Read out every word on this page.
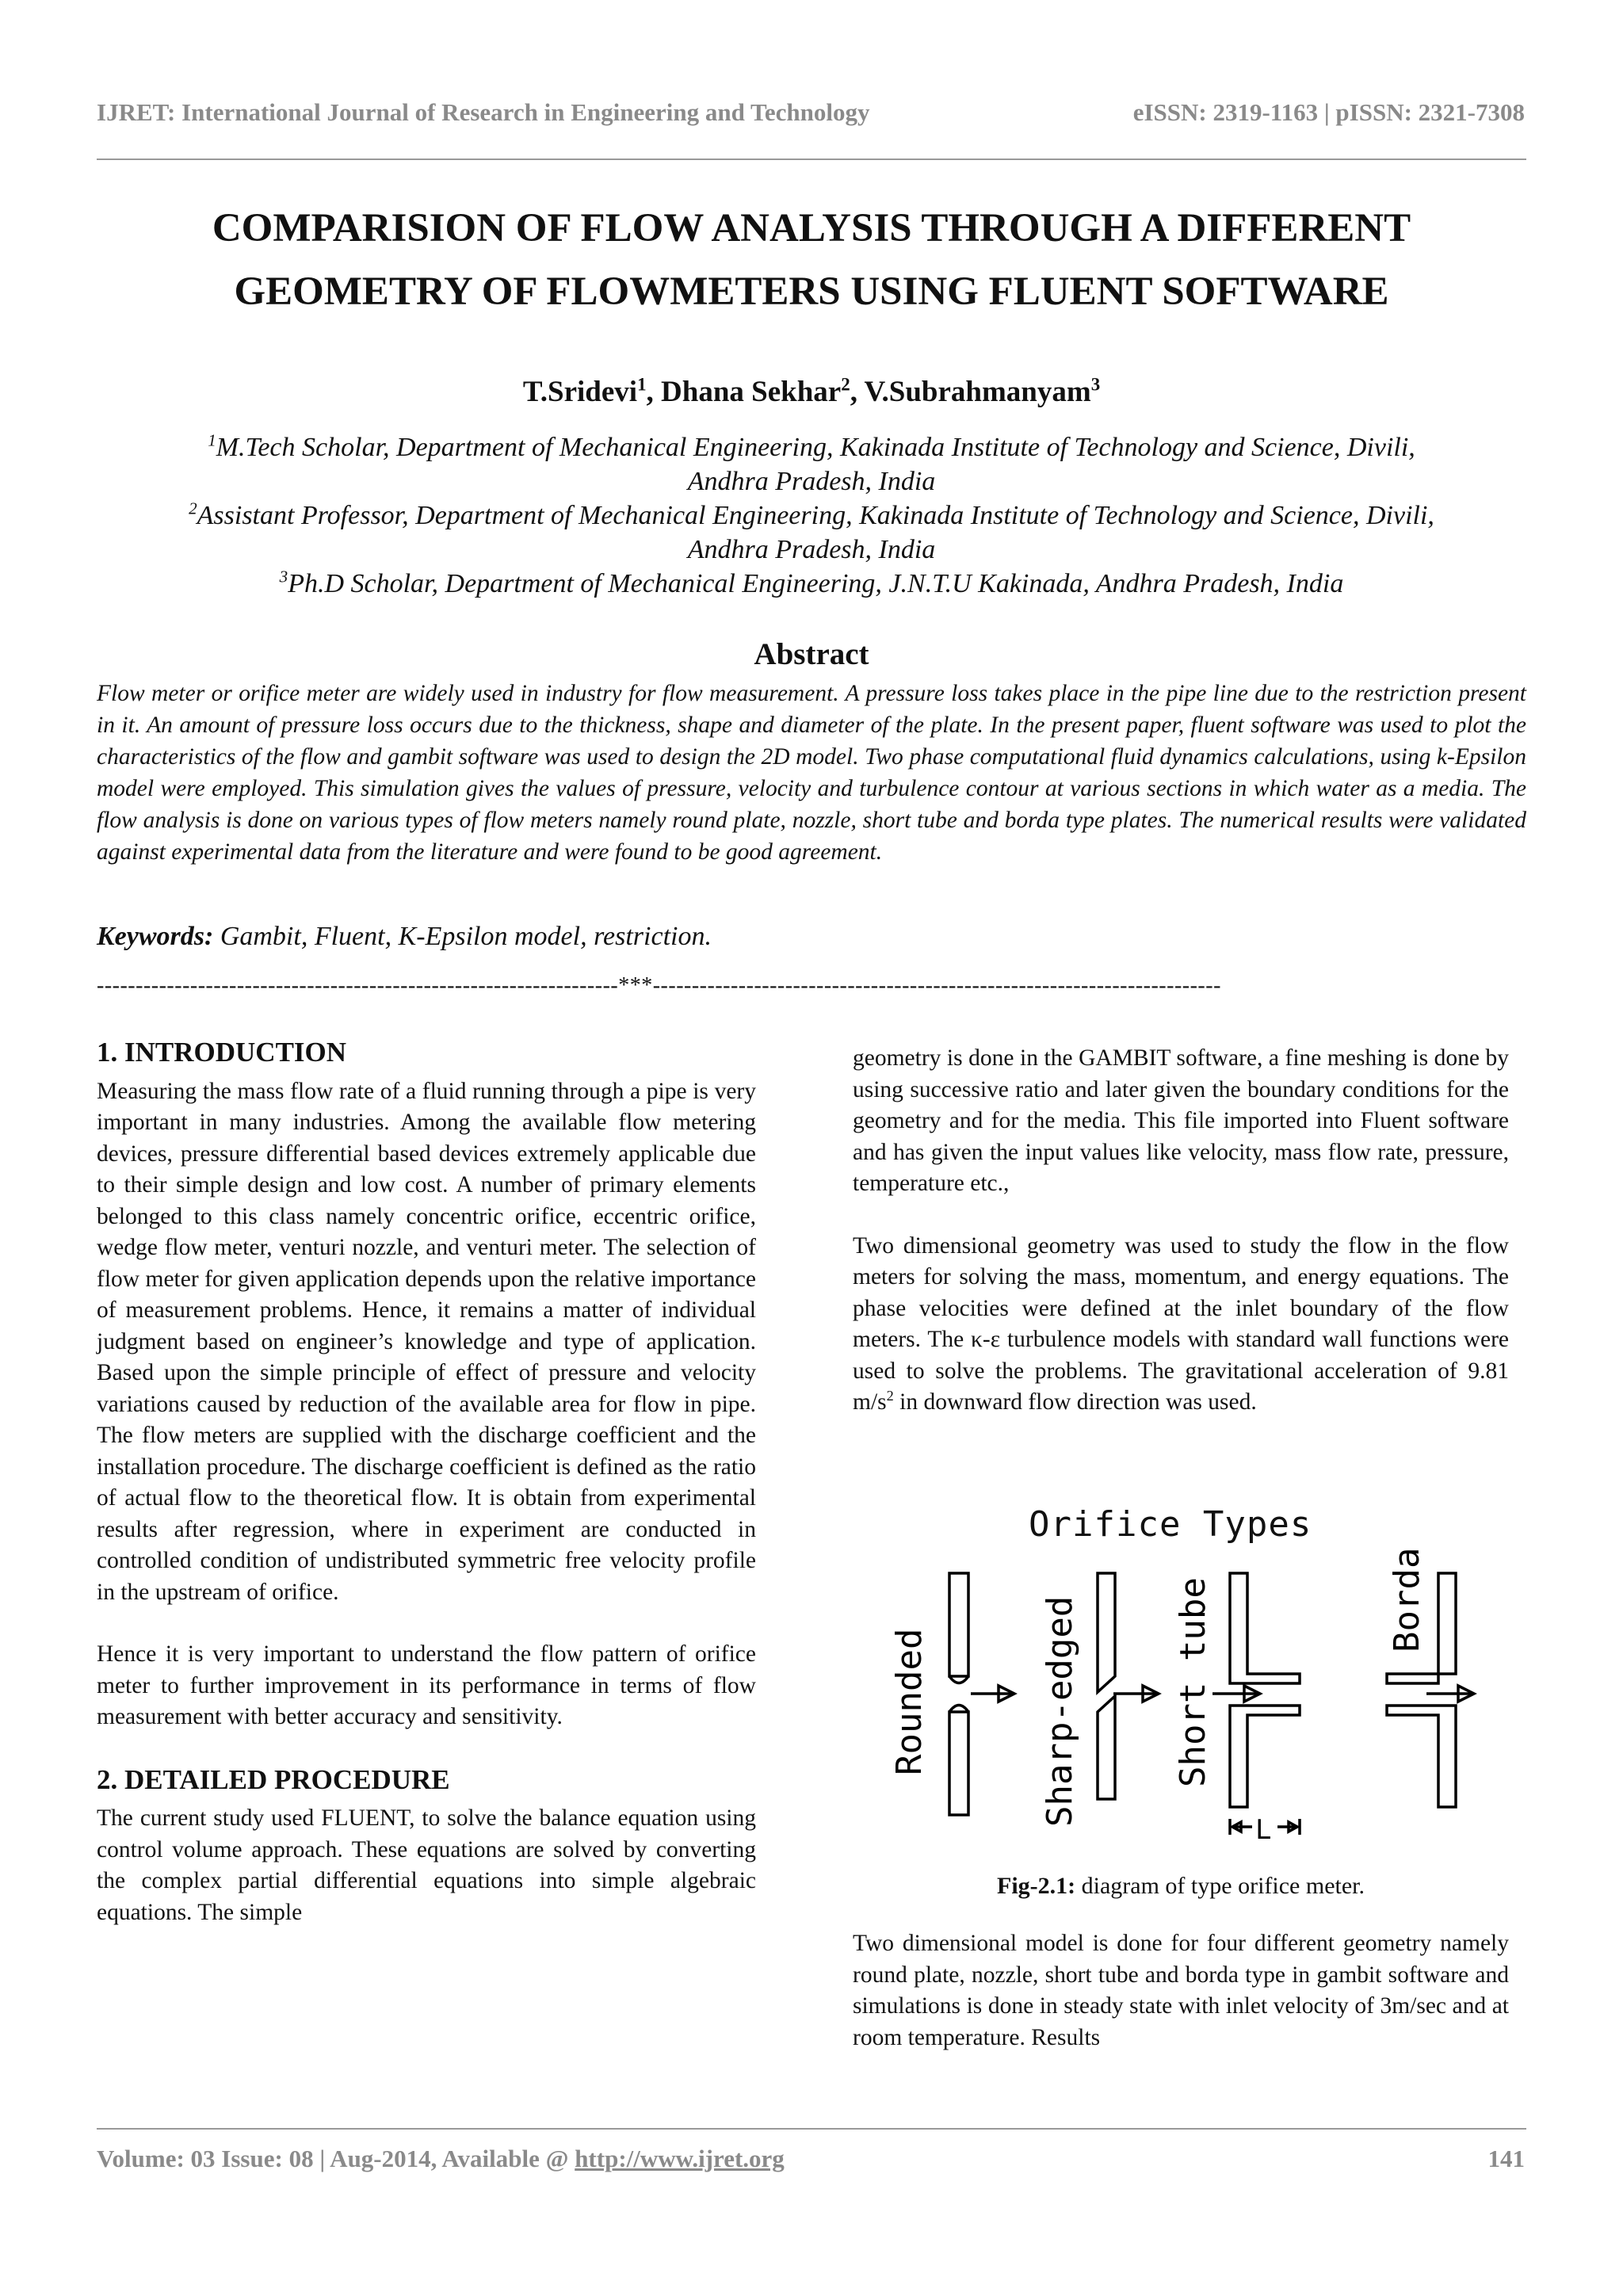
IJRET: International Journal of Research in Engineering and Technology	eISSN: 2319-1163 | pISSN: 2321-7308
COMPARISION OF FLOW ANALYSIS THROUGH A DIFFERENT
GEOMETRY OF FLOWMETERS USING FLUENT SOFTWARE
T.Sridevi$^1$, Dhana Sekhar$^2$, V.Subrahmanyam$^3$
$^1$M.Tech Scholar, Department of Mechanical Engineering, Kakinada Institute of Technology and Science, Divili,
Andhra Pradesh, India
$^2$Assistant Professor, Department of Mechanical Engineering, Kakinada Institute of Technology and Science, Divili,
Andhra Pradesh, India
$^3$Ph.D Scholar, Department of Mechanical Engineering, J.N.T.U Kakinada, Andhra Pradesh, India
Abstract
Flow meter or orifice meter are widely used in industry for flow measurement. A pressure loss takes place in the pipe line due to the restriction present in it. An amount of pressure loss occurs due to the thickness, shape and diameter of the plate. In the present paper, fluent software was used to plot the characteristics of the flow and gambit software was used to design the 2D model. Two phase computational fluid dynamics calculations, using k-Epsilon model were employed. This simulation gives the values of pressure, velocity and turbulence contour at various sections in which water as a media. The flow analysis is done on various types of flow meters namely round plate, nozzle, short tube and borda type plates. The numerical results were validated against experimental data from the literature and were found to be good agreement.
Keywords: Gambit, Fluent, K-Epsilon model, restriction.
-------------------------------------------------------------------***-------------------------------------------------------------------------
1. INTRODUCTION

Measuring the mass flow rate of a fluid running through a pipe is very important in many industries. Among the available flow metering devices, pressure differential based devices extremely applicable due to their simple design and low cost. A number of primary elements belonged to this class namely concentric orifice, eccentric orifice, wedge flow meter, venturi nozzle, and venturi meter. The selection of flow meter for given application depends upon the relative importance of measurement problems. Hence, it remains a matter of individual judgment based on engineer’s knowledge and type of application. Based upon the simple principle of effect of pressure and velocity variations caused by reduction of the available area for flow in pipe. The flow meters are supplied with the discharge coefficient and the installation procedure. The discharge coefficient is defined as the ratio of actual flow to the theoretical flow. It is obtain from experimental results after regression, where in experiment are conducted in controlled condition of undistributed symmetric free velocity profile in the upstream of orifice.

Hence it is very important to understand the flow pattern of orifice meter to further improvement in its performance in terms of flow measurement with better accuracy and sensitivity.

2. DETAILED PROCEDURE

The current study used FLUENT, to solve the balance equation using control volume approach. These equations are solved by converting the complex partial differential equations into simple algebraic equations. The simple

geometry is done in the GAMBIT software, a fine meshing is done by using successive ratio and later given the boundary conditions for the geometry and for the media. This file imported into Fluent software and has given the input values like velocity, mass flow rate, pressure, temperature etc.,

Two dimensional geometry was used to study the flow in the flow meters for solving the mass, momentum, and energy equations. The phase velocities were defined at the inlet boundary of the flow meters. The κ-ε turbulence models with standard wall functions were used to solve the problems. The gravitational acceleration of 9.81 $m/s^2$ in downward flow direction was used.

Orifice Types
Rounded	Sharp-edged	Short tube	Borda
L
Fig-2.1: diagram of type orifice meter.

Two dimensional model is done for four different geometry namely round plate, nozzle, short tube and borda type in gambit software and simulations is done in steady state with inlet velocity of 3m/sec and at room temperature. Results

Volume: 03 Issue: 08 | Aug-2014, Available @ http://www.ijret.org	141
